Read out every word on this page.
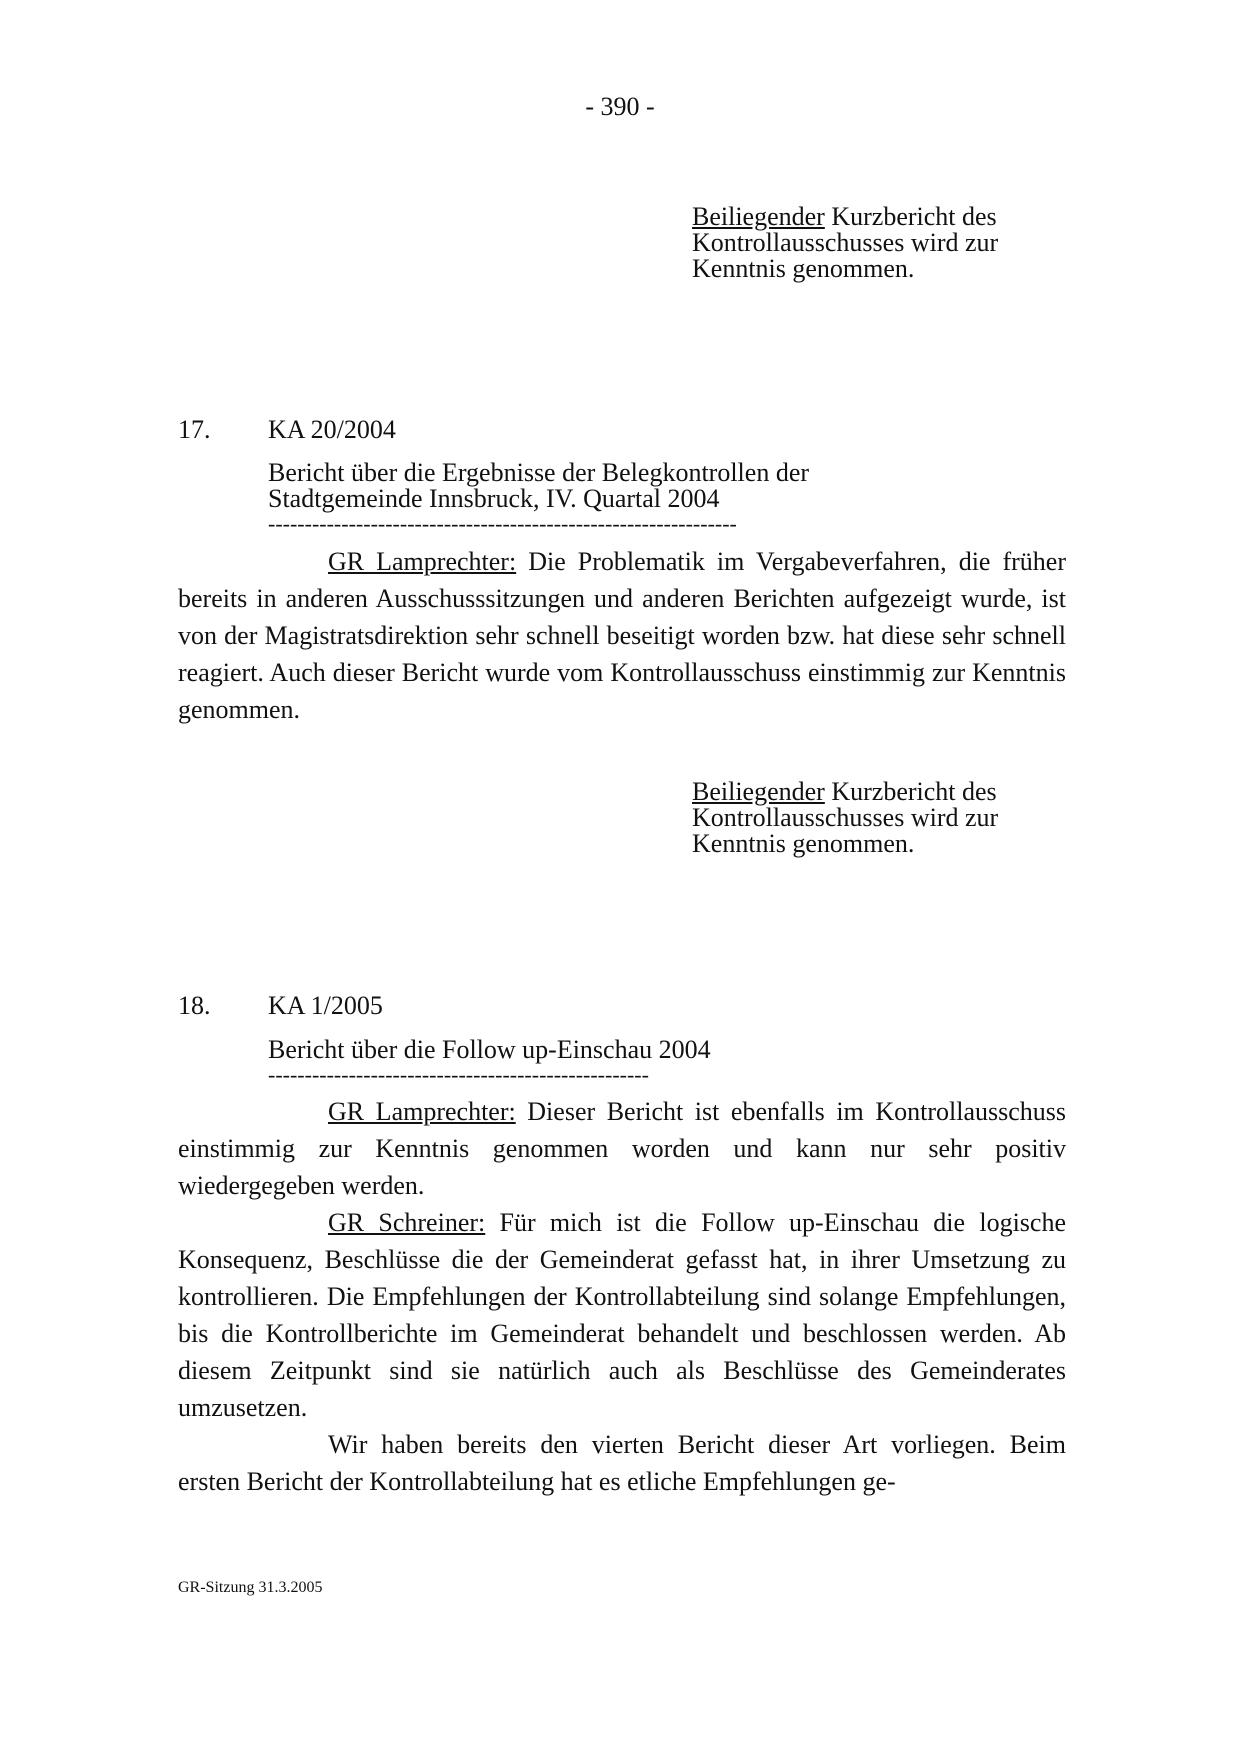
- 390 -
Beiliegender Kurzbericht des
Kontrollausschusses wird zur
Kenntnis genommen.
17. KA 20/2004
Bericht über die Ergebnisse der Belegkontrollen der
Stadtgemeinde Innsbruck, IV. Quartal 2004
----------------------------------------------------------------

GR Lamprechter: Die Problematik im Vergabeverfahren, die früher bereits in anderen Ausschusssitzungen und anderen Berichten aufgezeigt wurde, ist von der Magistratsdirektion sehr schnell beseitigt worden bzw. hat diese sehr schnell reagiert. Auch dieser Bericht wurde vom Kontrollausschuss einstimmig zur Kenntnis genommen.

Beiliegender Kurzbericht des
Kontrollausschusses wird zur
Kenntnis genommen.
18. KA 1/2005
Bericht über die Follow up-Einschau 2004
----------------------------------------------------

GR Lamprechter: Dieser Bericht ist ebenfalls im Kontrollausschuss einstimmig zur Kenntnis genommen worden und kann nur sehr positiv wiedergegeben werden.

GR Schreiner: Für mich ist die Follow up-Einschau die logische Konsequenz, Beschlüsse die der Gemeinderat gefasst hat, in ihrer Umsetzung zu kontrollieren. Die Empfehlungen der Kontrollabteilung sind solange Empfehlungen, bis die Kontrollberichte im Gemeinderat behandelt und beschlossen werden. Ab diesem Zeitpunkt sind sie natürlich auch als Beschlüsse des Gemeinderates umzusetzen.

Wir haben bereits den vierten Bericht dieser Art vorliegen. Beim ersten Bericht der Kontrollabteilung hat es etliche Empfehlungen ge-

GR-Sitzung 31.3.2005
